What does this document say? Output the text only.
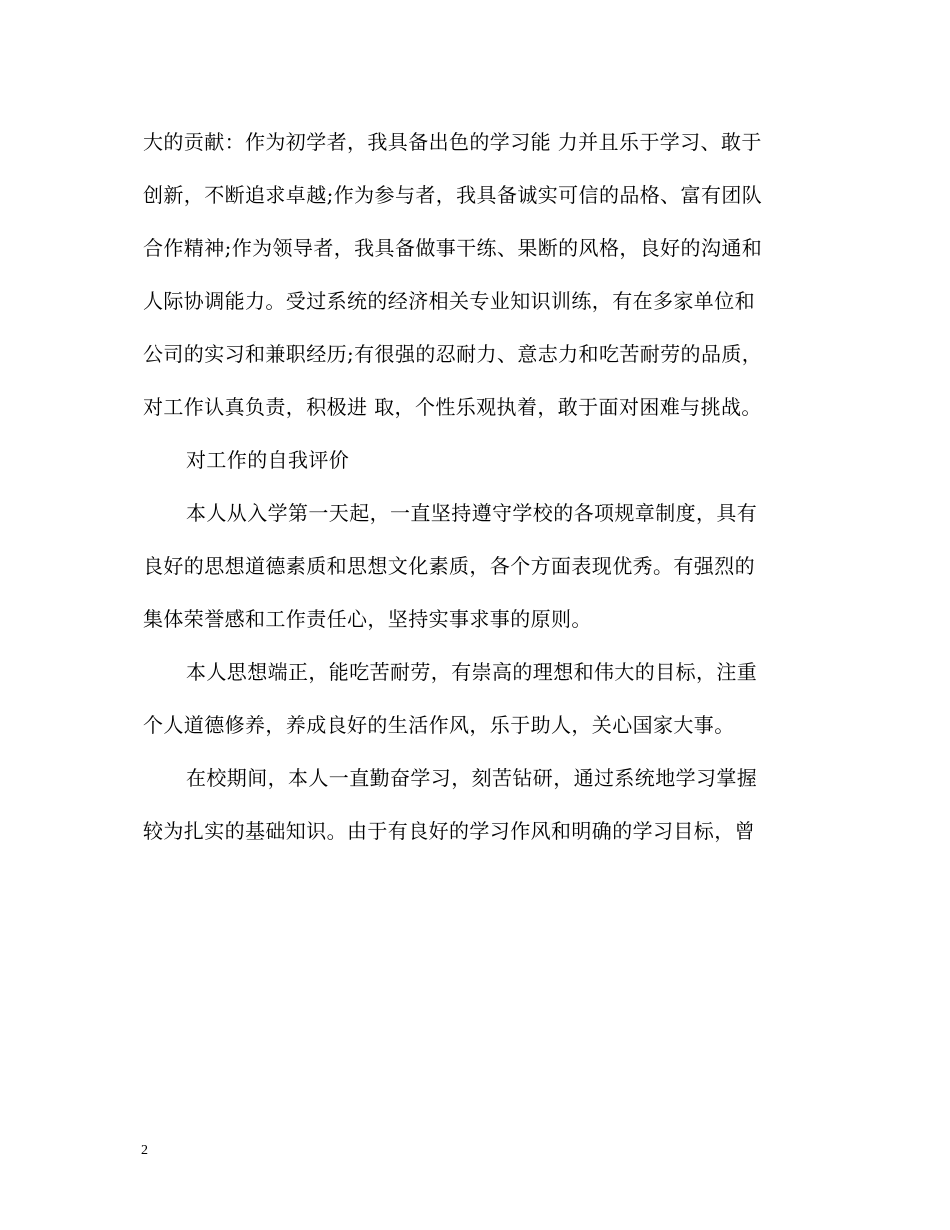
大的贡献：作为初学者，我具备出色的学习能 力并且乐于学习、敢于
创新，不断追求卓越;作为参与者，我具备诚实可信的品格、富有团队
合作精神;作为领导者，我具备做事干练、果断的风格，良好的沟通和
人际协调能力。受过系统的经济相关专业知识训练，有在多家单位和
公司的实习和兼职经历;有很强的忍耐力、意志力和吃苦耐劳的品质，
对工作认真负责，积极进 取，个性乐观执着，敢于面对困难与挑战。
对工作的自我评价
本人从入学第一天起，一直坚持遵守学校的各项规章制度，具有
良好的思想道德素质和思想文化素质，各个方面表现优秀。有强烈的
集体荣誉感和工作责任心，坚持实事求事的原则。
本人思想端正，能吃苦耐劳，有崇高的理想和伟大的目标，注重
个人道德修养，养成良好的生活作风，乐于助人，关心国家大事。
在校期间，本人一直勤奋学习，刻苦钻研，通过系统地学习掌握
较为扎实的基础知识。由于有良好的学习作风和明确的学习目标，曾
2
